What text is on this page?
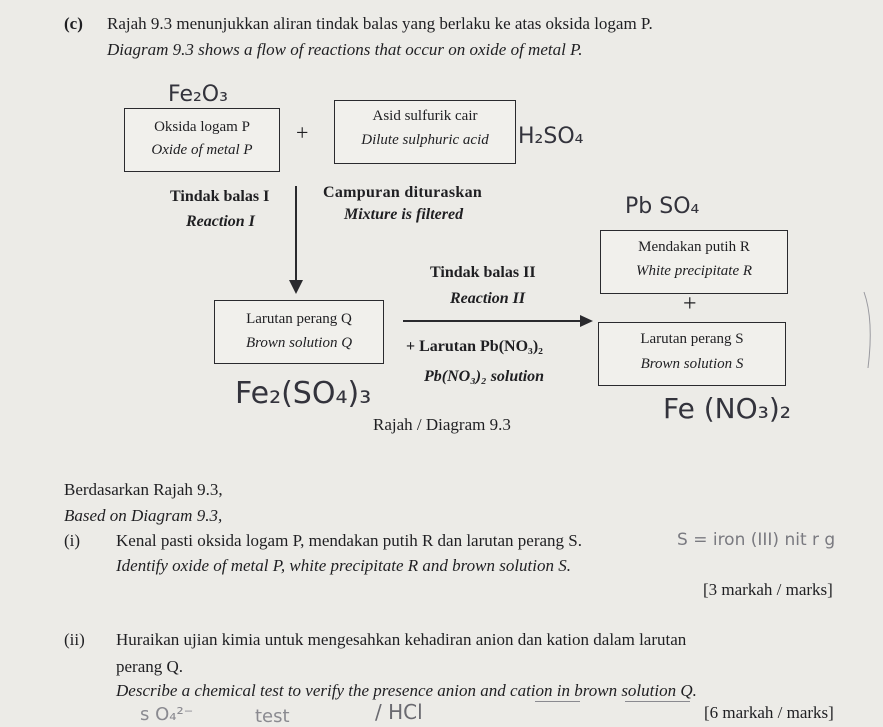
(c) Rajah 9.3 menunjukkan aliran tindak balas yang berlaku ke atas oksida logam P.
Diagram 9.3 shows a flow of reactions that occur on oxide of metal P.
Fe₂O₃
Oksida logam P
Oxide of metal P
+
Asid sulfurik cair
Dilute sulphuric acid	H₂SO₄
Tindak balas I
Reaction I
Campuran dituraskan
Mixture is filtered	Pb SO₄
Mendakan putih R
White precipitate R
+
Tindak balas II
Reaction II
Larutan perang Q
Brown solution Q	+ Larutan Pb(NO₃)₂
Pb(NO₃)₂ solution
Larutan perang S
Brown solution S
Fe₂(SO₄)₃	Fe (NO₃)₂
Rajah / Diagram 9.3
Berdasarkan Rajah 9.3,
Based on Diagram 9.3,
(i) Kenal pasti oksida logam P, mendakan putih R dan larutan perang S.
Identify oxide of metal P, white precipitate R and brown solution S.
S = iron (III) nit r g
[3 markah / marks]
(ii) Huraikan ujian kimia untuk mengesahkan kehadiran anion dan kation dalam larutan
perang Q.
Describe a chemical test to verify the presence anion and cation in brown solution Q.
[6 markah / marks]
s O₄²⁻	test	/ HCl
